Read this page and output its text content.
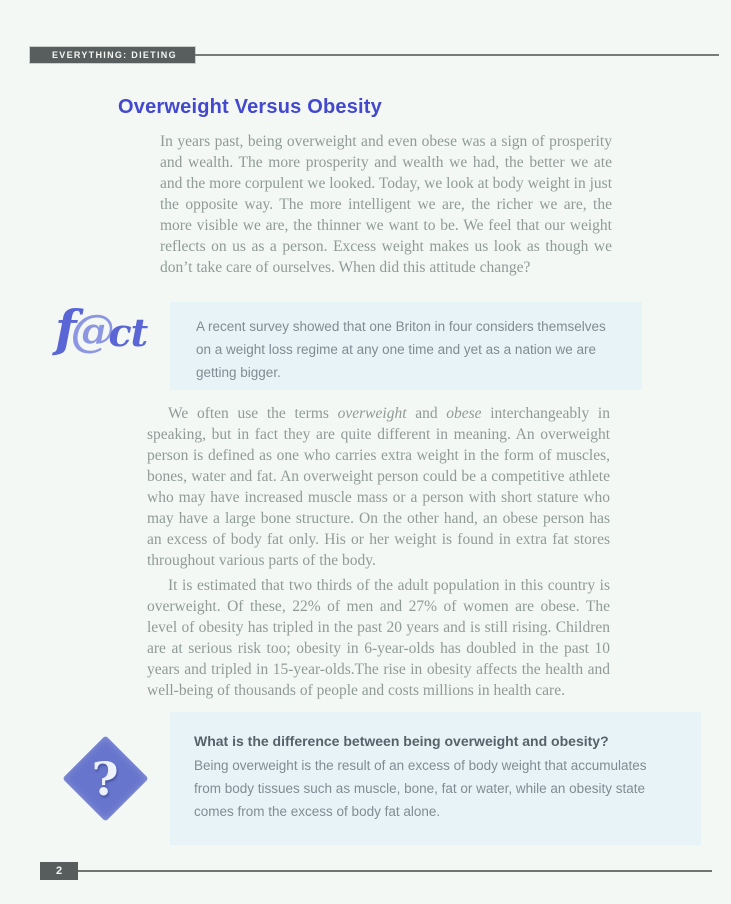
EVERYTHING: DIETING
Overweight Versus Obesity

In years past, being overweight and even obese was a sign of prosperity and wealth. The more prosperity and wealth we had, the better we ate and the more corpulent we looked. Today, we look at body weight in just the opposite way. The more intelligent we are, the richer we are, the more visible we are, the thinner we want to be. We feel that our weight reflects on us as a person. Excess weight makes us look as though we don’t take care of ourselves. When did this attitude change?

f@ct	A recent survey showed that one Briton in four considers themselves on a weight loss regime at any one time and yet as a nation we are getting bigger.

We often use the terms overweight and obese interchangeably in speaking, but in fact they are quite different in meaning. An overweight person is defined as one who carries extra weight in the form of muscles, bones, water and fat. An overweight person could be a competitive athlete who may have increased muscle mass or a person with short stature who may have a large bone structure. On the other hand, an obese person has an excess of body fat only. His or her weight is found in extra fat stores throughout various parts of the body.

It is estimated that two thirds of the adult population in this country is overweight. Of these, 22% of men and 27% of women are obese. The level of obesity has tripled in the past 20 years and is still rising. Children are at serious risk too; obesity in 6-year-olds has doubled in the past 10 years and tripled in 15-year-olds.The rise in obesity affects the health and well-being of thousands of people and costs millions in health care.

?

What is the difference between being overweight and obesity?

Being overweight is the result of an excess of body weight that accumulates from body tissues such as muscle, bone, fat or water, while an obesity state comes from the excess of body fat alone.

2
